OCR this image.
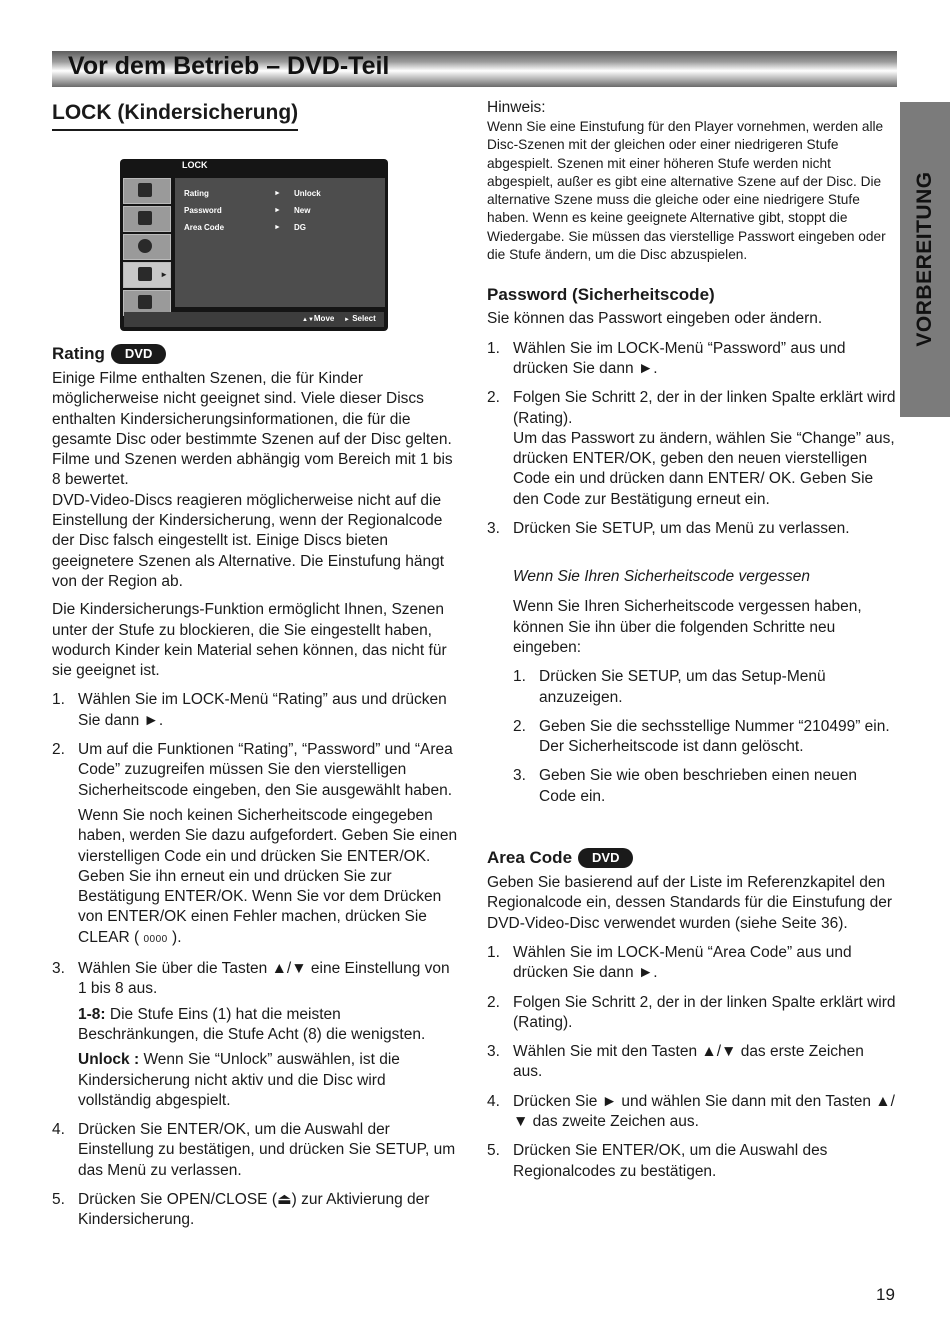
Vor dem Betrieb – DVD-Teil
VORBEREITUNG
LOCK (Kindersicherung)
LOCK
►
Rating	►	Unlock
Password	►	New
Area Code	►	DG
▲▼Move ► Select
Rating	DVD

Einige Filme enthalten Szenen, die für Kinder möglicherweise nicht geeignet sind. Viele dieser Discs enthalten Kindersicherungsinformationen, die für die gesamte Disc oder bestimmte Szenen auf der Disc gelten. Filme und Szenen werden abhängig vom Bereich mit 1 bis 8 bewertet.

DVD-Video-Discs reagieren möglicherweise nicht auf die Einstellung der Kindersicherung, wenn der Regionalcode der Disc falsch eingestellt ist. Einige Discs bieten geeignetere Szenen als Alternative. Die Einstufung hängt von der Region ab.

Die Kindersicherungs-Funktion ermöglicht Ihnen, Szenen unter der Stufe zu blockieren, die Sie eingestellt haben, wodurch Kinder kein Material sehen können, das nicht für sie geeignet ist.

1. Wählen Sie im LOCK-Menü “Rating” aus und drücken Sie dann ►.
2. Um auf die Funktionen “Rating”, “Password” und “Area Code” zuzugreifen müssen Sie den vierstelligen Sicherheitscode eingeben, den Sie ausgewählt haben.

Wenn Sie noch keinen Sicherheitscode eingegeben haben, werden Sie dazu aufgefordert. Geben Sie einen vierstelligen Code ein und drücken Sie ENTER/OK. Geben Sie ihn erneut ein und drücken Sie zur Bestätigung ENTER/OK. Wenn Sie vor dem Drücken von ENTER/OK einen Fehler machen, drücken Sie CLEAR ( 0000 ).

3. Wählen Sie über die Tasten ▲/▼ eine Einstellung von 1 bis 8 aus.

1-8: Die Stufe Eins (1) hat die meisten Beschränkungen, die Stufe Acht (8) die wenigsten.

Unlock : Wenn Sie “Unlock” auswählen, ist die Kindersicherung nicht aktiv und die Disc wird vollständig abgespielt.

4. Drücken Sie ENTER/OK, um die Auswahl der Einstellung zu bestätigen, und drücken Sie SETUP, um das Menü zu verlassen.
5. Drücken Sie OPEN/CLOSE (⏏) zur Aktivierung der Kindersicherung.
Hinweis:
Wenn Sie eine Einstufung für den Player vornehmen, werden alle Disc-Szenen mit der gleichen oder einer niedrigeren Stufe abgespielt. Szenen mit einer höheren Stufe werden nicht abgespielt, außer es gibt eine alternative Szene auf der Disc. Die alternative Szene muss die gleiche oder eine niedrigere Stufe haben. Wenn es keine geeignete Alternative gibt, stoppt die Wiedergabe. Sie müssen das vierstellige Passwort eingeben oder die Stufe ändern, um die Disc abzuspielen.
Password (Sicherheitscode)

Sie können das Passwort eingeben oder ändern.

1. Wählen Sie im LOCK-Menü “Password” aus und drücken Sie dann ►.
2. Folgen Sie Schritt 2, der in der linken Spalte erklärt wird (Rating).

Um das Passwort zu ändern, wählen Sie “Change” aus, drücken ENTER/OK, geben den neuen vierstelligen Code ein und drücken dann ENTER/ OK. Geben Sie den Code zur Bestätigung erneut ein.

3. Drücken Sie SETUP, um das Menü zu verlassen.
Wenn Sie Ihren Sicherheitscode vergessen

Wenn Sie Ihren Sicherheitscode vergessen haben, können Sie ihn über die folgenden Schritte neu eingeben:

1. Drücken Sie SETUP, um das Setup-Menü anzuzeigen.
2. Geben Sie die sechsstellige Nummer “210499” ein. Der Sicherheitscode ist dann gelöscht.
3. Geben Sie wie oben beschrieben einen neuen Code ein.
Area Code	DVD

Geben Sie basierend auf der Liste im Referenzkapitel den Regionalcode ein, dessen Standards für die Einstufung der DVD-Video-Disc verwendet wurden (siehe Seite 36).

1. Wählen Sie im LOCK-Menü “Area Code” aus und drücken Sie dann ►.
2. Folgen Sie Schritt 2, der in der linken Spalte erklärt wird (Rating).
3. Wählen Sie mit den Tasten ▲/▼ das erste Zeichen aus.
4. Drücken Sie ► und wählen Sie dann mit den Tasten ▲/▼ das zweite Zeichen aus.
5. Drücken Sie ENTER/OK, um die Auswahl des Regionalcodes zu bestätigen.
19
